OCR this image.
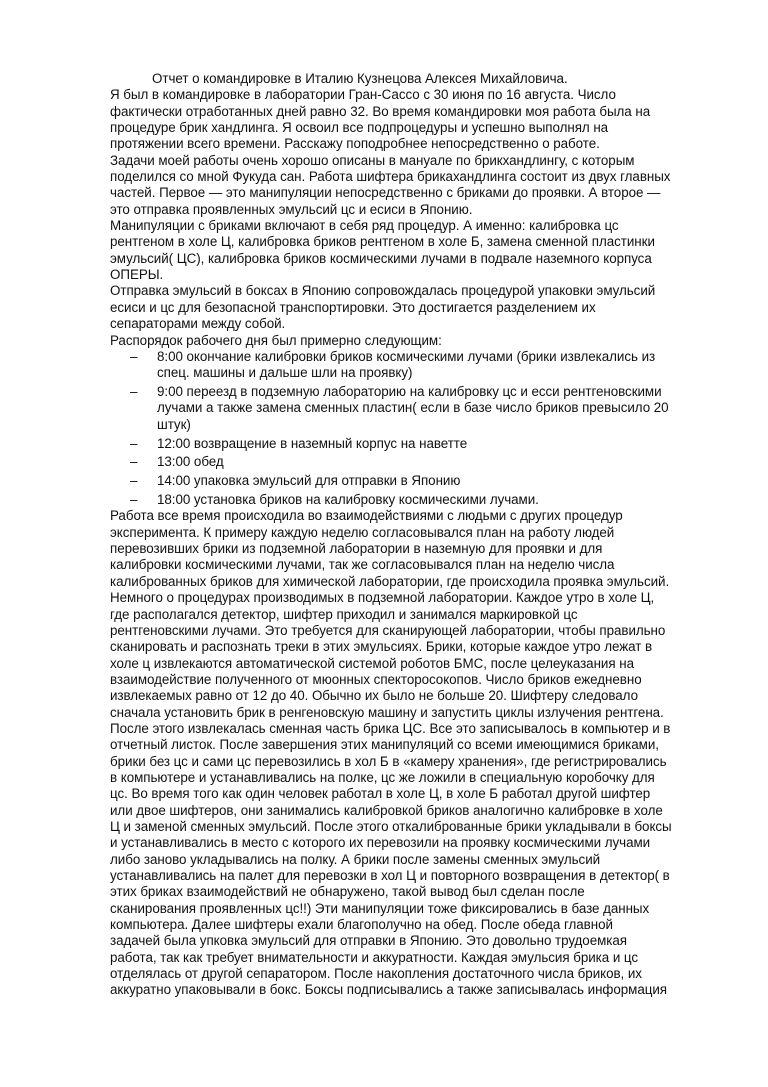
Отчет о командировке в Италию Кузнецова Алексея Михайловича.
Я был в командировке в лаборатории Гран-Сассо с 30 июня по 16 августа. Число
фактически отработанных дней равно 32. Во время командировки моя работа была на
процедуре брик хандлинга. Я освоил все подпроцедуры и успешно выполнял на
протяжении всего времени. Расскажу поподробнее непосредственно о работе.
Задачи моей работы очень хорошо описаны в мануале по брикхандлингу, с которым
поделился со мной Фукуда сан. Работа шифтера брикахандлинга состоит из двух главных
частей. Первое — это манипуляции непосредственно с бриками до проявки. А второе —
это отправка проявленных эмульсий цс и есиси в Японию.
Манипуляции с бриками включают в себя ряд процедур. А именно: калибровка цс
рентгеном в холе Ц, калибровка бриков рентгеном в холе Б, замена сменной пластинки
эмульсий( ЦС), калибровка бриков космическими лучами в подвале наземного корпуса
ОПЕРЫ.
Отправка эмульсий в боксах в Японию сопровождалась процедурой упаковки эмульсий
есиси и цс для безопасной транспортировки. Это достигается разделением их
сепараторами между собой.
Распорядок рабочего дня был примерно следующим:
– 8:00 окончание калибровки бриков космическими лучами (брики извлекались из
спец. машины и дальше шли на проявку)
– 9:00 переезд в подземную лабораторию на калибровку цс и есси рентгеновскими
лучами а также замена сменных пластин( если в базе число бриков превысило 20
штук)
– 12:00 возвращение в наземный корпус на наветте
– 13:00 обед
– 14:00 упаковка эмульсий для отправки в Японию
– 18:00 установка бриков на калибровку космическими лучами.
Работа все время происходила во взаимодействиями с людьми с других процедур
эксперимента. К примеру каждую неделю согласовывался план на работу людей
перевозивших брики из подземной лаборатории в наземную для проявки и для
калибровки космическими лучами, так же согласовывался план на неделю числа
калиброванных бриков для химической лаборатории, где происходила проявка эмульсий.
Немного о процедурах производимых в подземной лаборатории. Каждое утро в холе Ц,
где располагался детектор, шифтер приходил и занимался маркировкой цс
рентгеновскими лучами. Это требуется для сканирующей лаборатории, чтобы правильно
сканировать и распознать треки в этих эмульсиях. Брики, которые каждое утро лежат в
холе ц извлекаются автоматической системой роботов БМС, после целеуказания на
взаимодействие полученного от мюонных спекторосокопов. Число бриков ежедневно
извлекаемых равно от 12 до 40. Обычно их было не больше 20. Шифтеру следовало
сначала установить брик в ренгеновскую машину и запустить циклы излучения рентгена.
После этого извлекалась сменная часть брика ЦС. Все это записывалось в компьютер и в
отчетный листок. После завершения этих манипуляций со всеми имеющимися бриками,
брики без цс и сами цс перевозились в хол Б в «камеру хранения», где регистрировались
в компьютере и устанавливались на полке, цс же ложили в специальную коробочку для
цс. Во время того как один человек работал в холе Ц, в холе Б работал другой шифтер
или двое шифтеров, они занимались калибровкой бриков аналогично калибровке в холе
Ц и заменой сменных эмульсий. После этого откалиброванные брики укладывали в боксы
и устанавливались в место с которого их перевозили на проявку космическими лучами
либо заново укладывались на полку. А брики после замены сменных эмульсий
устанавливались на палет для перевозки в хол Ц и повторного возвращения в детектор( в
этих бриках взаимодействий не обнаружено, такой вывод был сделан после
сканирования проявленных цс!!) Эти манипуляции тоже фиксировались в базе данных
компьютера. Далее шифтеры ехали благополучно на обед. После обеда главной
задачей была упковка эмульсий для отправки в Японию. Это довольно трудоемкая
работа, так как требует внимательности и аккуратности. Каждая эмульсия брика и цс
отделялась от другой сепаратором. После накопления достаточного числа бриков, их
аккуратно упаковывали в бокс. Боксы подписывались а также записывалась информация
